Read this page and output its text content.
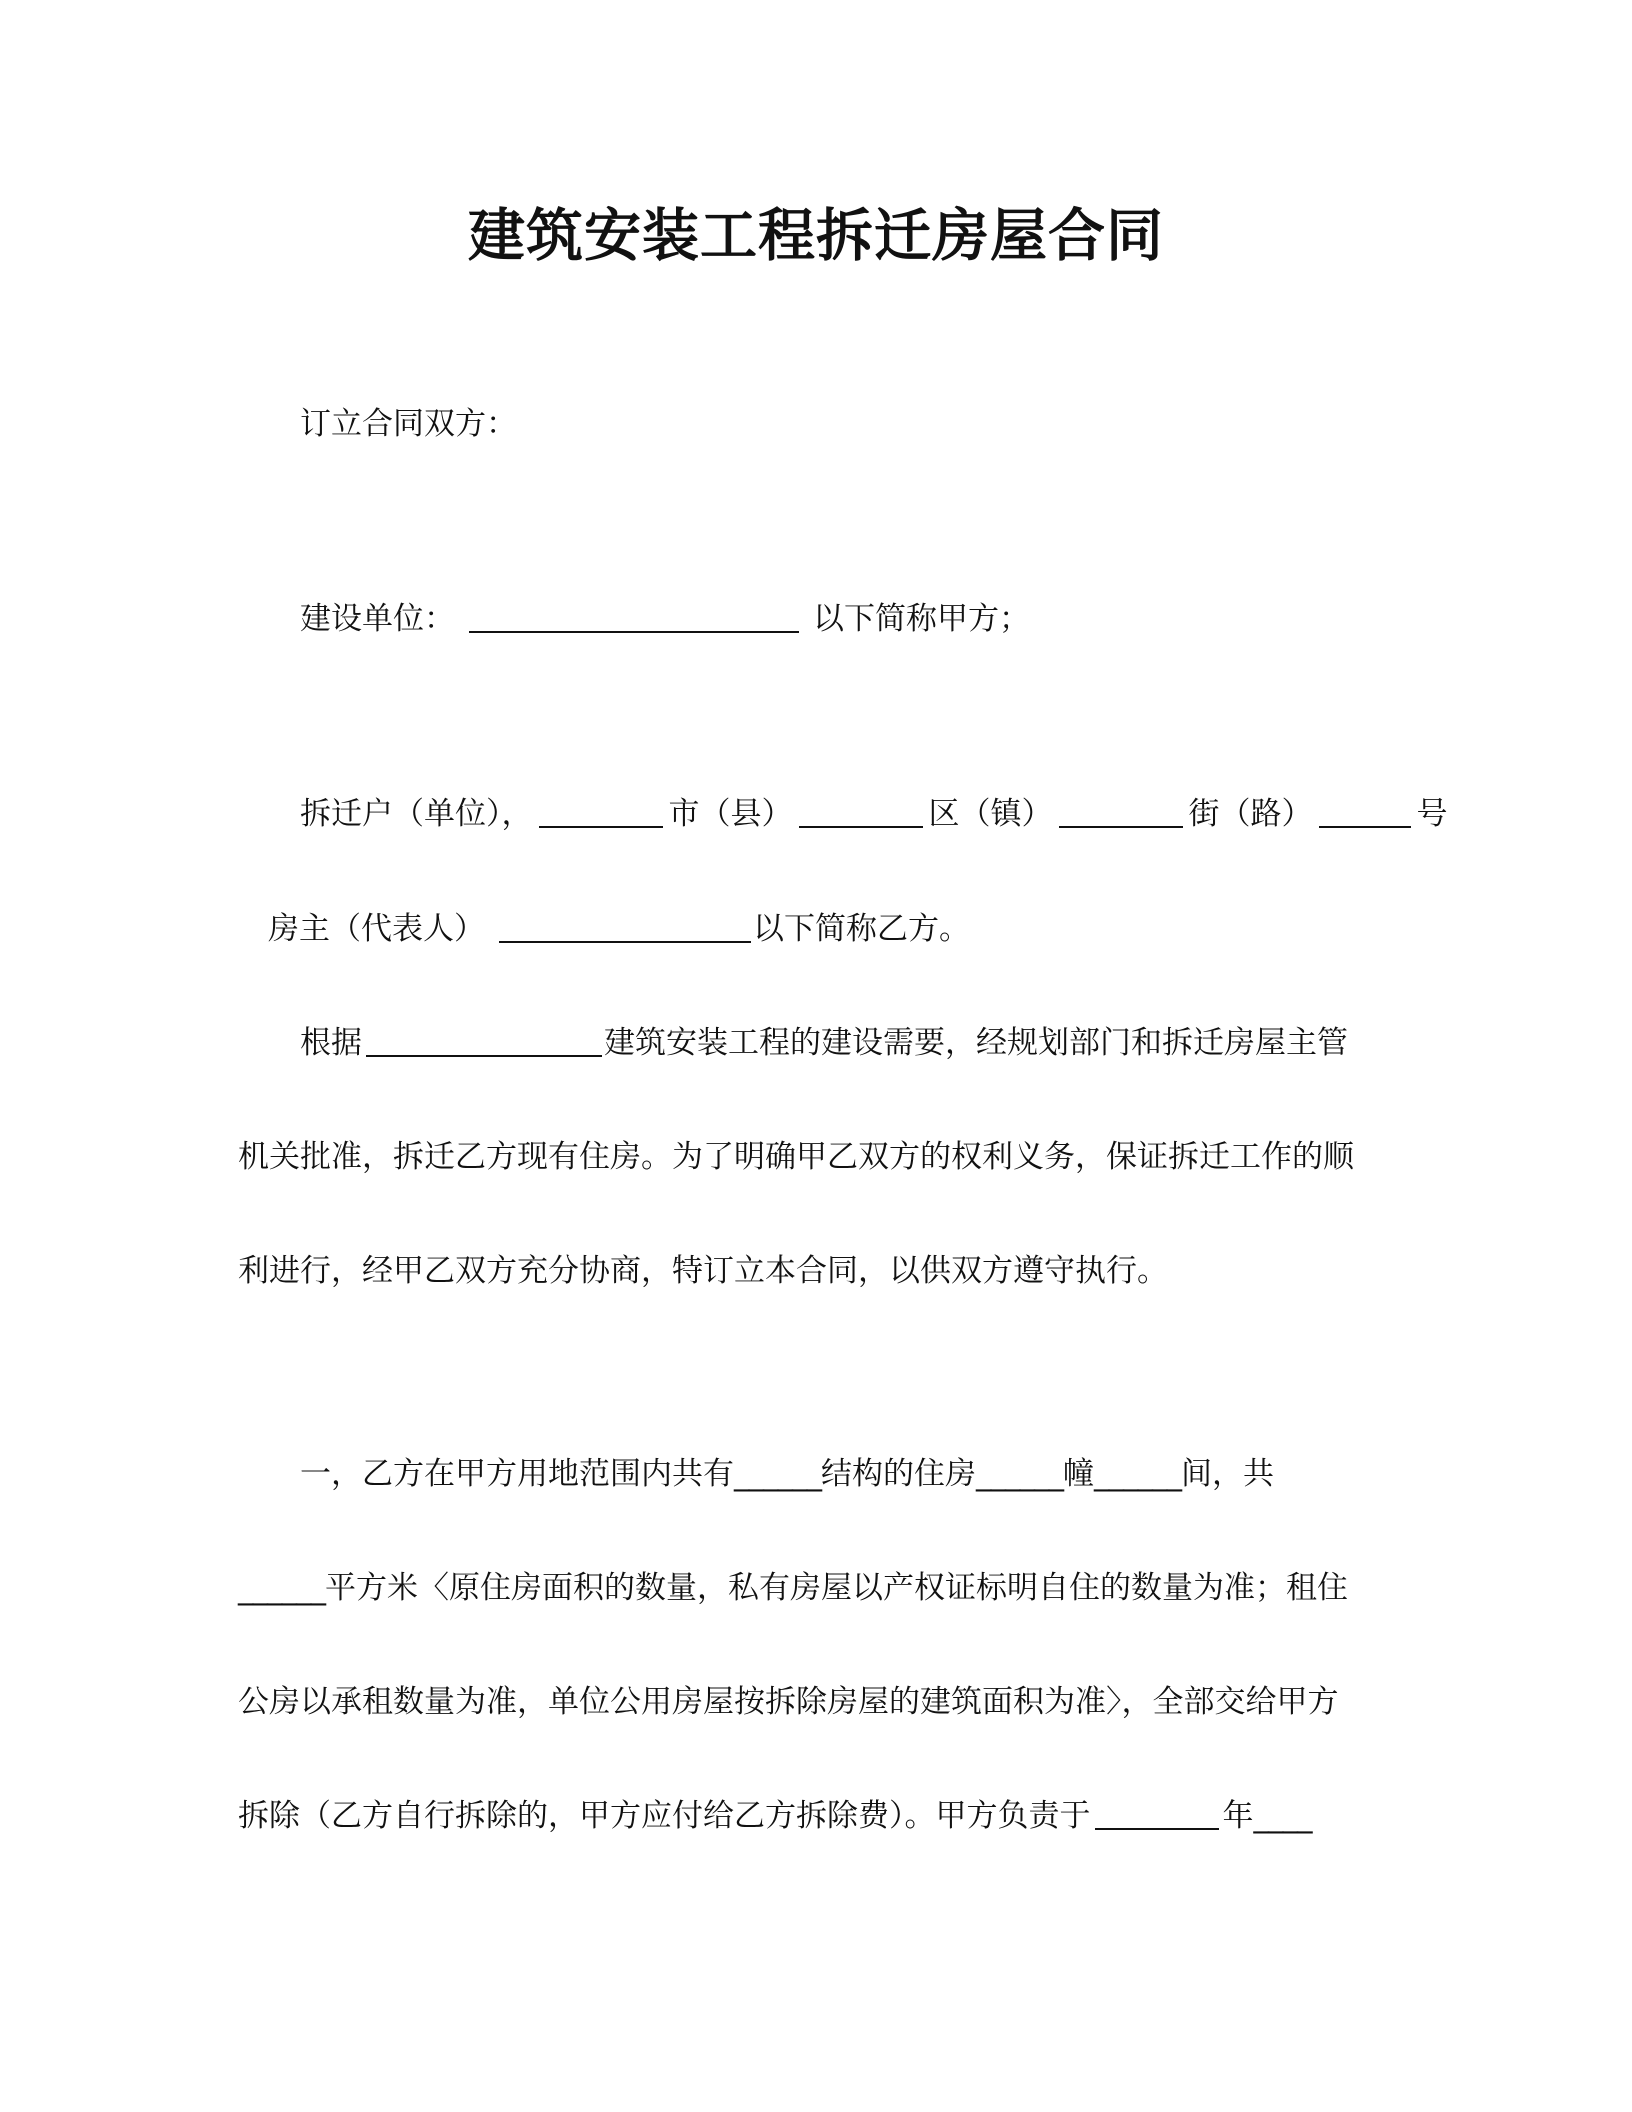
建筑安装工程拆迁房屋合同
订立合同双方：
建设单位：	以下简称甲方；
拆迁户（单位），	市（县）	区（镇）	街（路）	号
房主（代表人）	以下简称乙方。
根据	建筑安装工程的建设需要，经规划部门和拆迁房屋主管
机关批准，拆迁乙方现有住房。为了明确甲乙双方的权利义务，保证拆迁工作的顺
利进行，经甲乙双方充分协商，特订立本合同，以供双方遵守执行。
一，乙方在甲方用地范围内共有______结构的住房______幢______间，共
______平方米〈原住房面积的数量，私有房屋以产权证标明自住的数量为准；租住
公房以承租数量为准，单位公用房屋按拆除房屋的建筑面积为准〉，全部交给甲方
拆除（乙方自行拆除的，甲方应付给乙方拆除费）。甲方负责于	年____
